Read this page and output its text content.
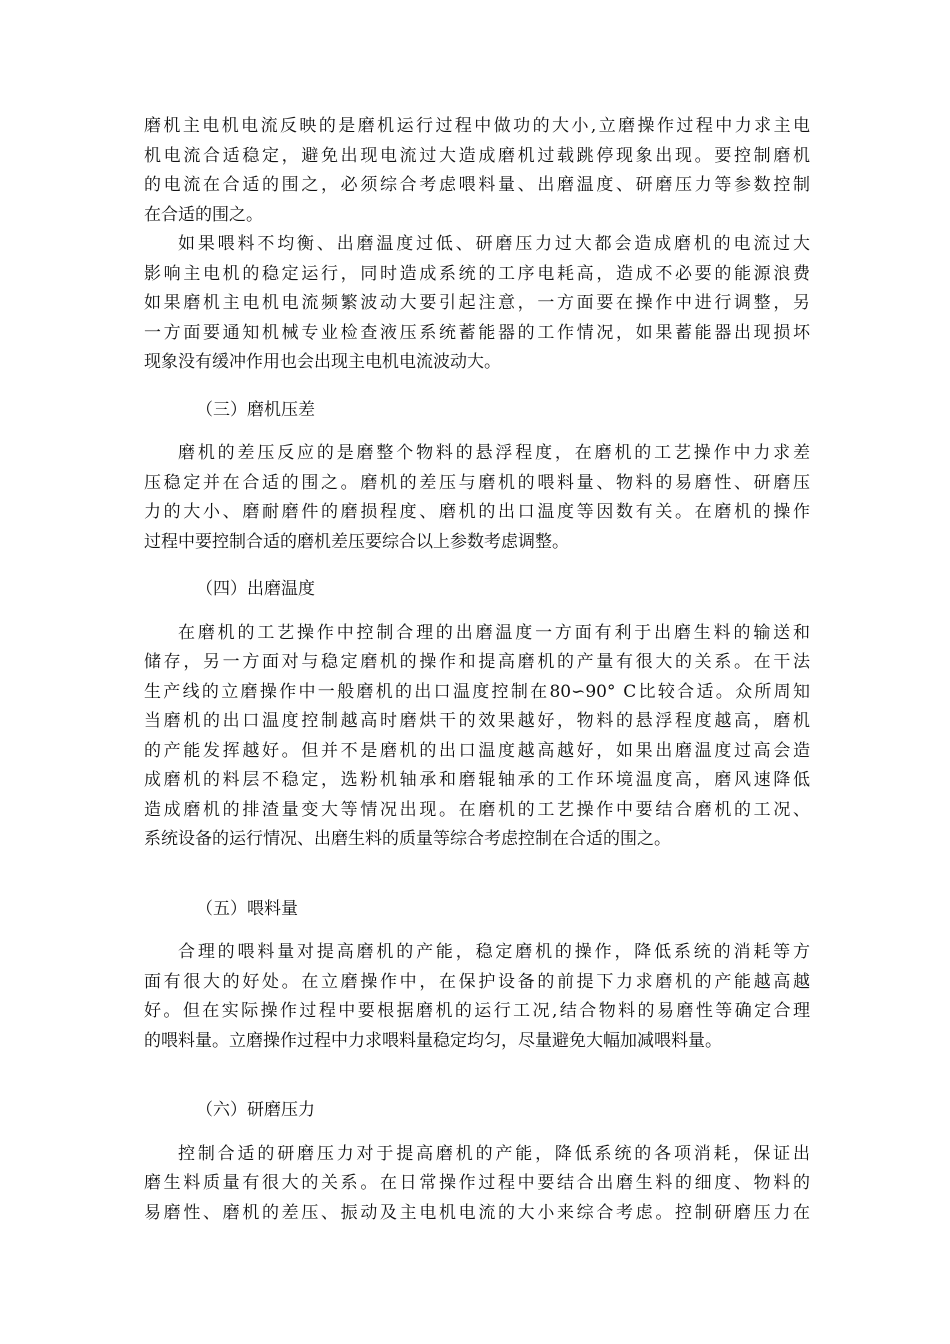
磨机主电机电流反映的是磨机运行过程中做功的大小,立磨操作过程中力求主电
机电流合适稳定，避免出现电流过大造成磨机过载跳停现象出现。要控制磨机
的电流在合适的围之，必须综合考虑喂料量、出磨温度、研磨压力等参数控制
在合适的围之。
如果喂料不均衡、出磨温度过低、研磨压力过大都会造成磨机的电流过大
影响主电机的稳定运行，同时造成系统的工序电耗高，造成不必要的能源浪费
如果磨机主电机电流频繁波动大要引起注意，一方面要在操作中进行调整，另
一方面要通知机械专业检查液压系统蓄能器的工作情况，如果蓄能器出现损坏
现象没有缓冲作用也会出现主电机电流波动大。
（三）磨机压差
磨机的差压反应的是磨整个物料的悬浮程度，在磨机的工艺操作中力求差
压稳定并在合适的围之。磨机的差压与磨机的喂料量、物料的易磨性、研磨压
力的大小、磨耐磨件的磨损程度、磨机的出口温度等因数有关。在磨机的操作
过程中要控制合适的磨机差压要综合以上参数考虑调整。
（四）出磨温度
在磨机的工艺操作中控制合理的出磨温度一方面有利于出磨生料的输送和
储存，另一方面对与稳定磨机的操作和提高磨机的产量有很大的关系。在干法
生产线的立磨操作中一般磨机的出口温度控制在80∽90° C比较合适。众所周知
当磨机的出口温度控制越高时磨烘干的效果越好，物料的悬浮程度越高，磨机
的产能发挥越好。但并不是磨机的出口温度越高越好，如果出磨温度过高会造
成磨机的料层不稳定，选粉机轴承和磨辊轴承的工作环境温度高，磨风速降低
造成磨机的排渣量变大等情况出现。在磨机的工艺操作中要结合磨机的工况、
系统设备的运行情况、出磨生料的质量等综合考虑控制在合适的围之。
（五）喂料量
合理的喂料量对提高磨机的产能，稳定磨机的操作，降低系统的消耗等方
面有很大的好处。在立磨操作中，在保护设备的前提下力求磨机的产能越高越
好。但在实际操作过程中要根据磨机的运行工况,结合物料的易磨性等确定合理
的喂料量。立磨操作过程中力求喂料量稳定均匀，尽量避免大幅加减喂料量。
（六）研磨压力
控制合适的研磨压力对于提高磨机的产能，降低系统的各项消耗，保证出
磨生料质量有很大的关系。在日常操作过程中要结合出磨生料的细度、物料的
易磨性、磨机的差压、振动及主电机电流的大小来综合考虑。控制研磨压力在
